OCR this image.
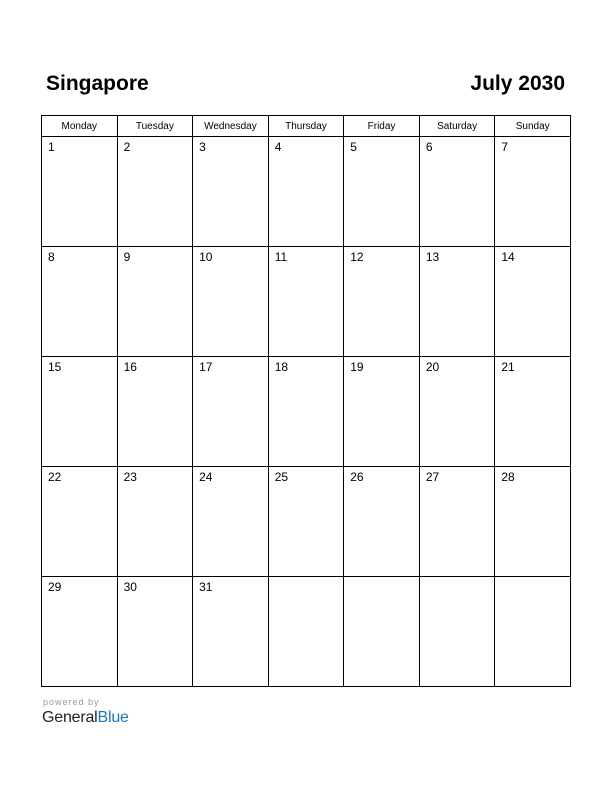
Singapore	July 2030
Monday	Tuesday	Wednesday	Thursday	Friday	Saturday	Sunday

1	2	3	4	5	6	7

8	9	10	11	12	13	14

15	16	17	18	19	20	21

22	23	24	25	26	27	28

29	30	31				

powered by
GeneralBlue
